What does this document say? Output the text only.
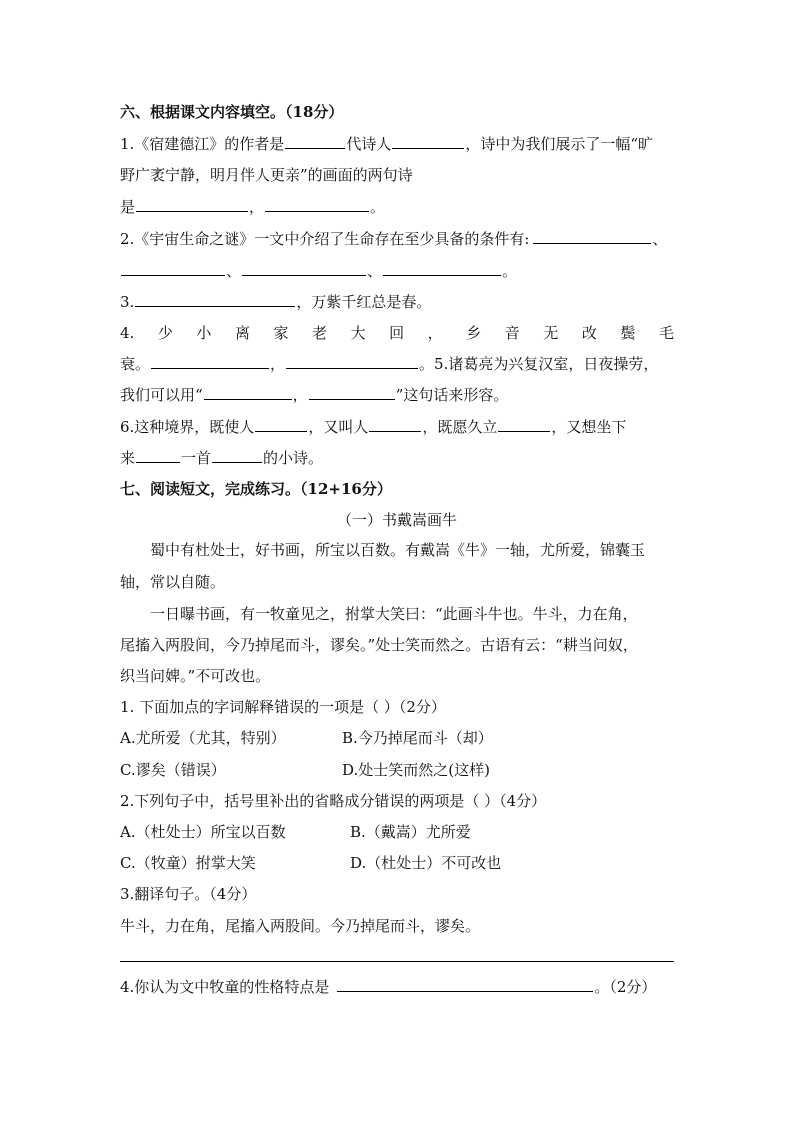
六、根据课文内容填空。（18分）
1.《宿建德江》的作者是	代诗人	，诗中为我们展示了一幅“旷
野广袤宁静，明月伴人更亲”的画面的两句诗
是	，	。
2.《宇宙生命之谜》一文中介绍了生命存在至少具备的条件有:	、
、	、	。
3.	，万紫千红总是春。
4. 少 小 离 家 老 大 回 ， 乡 音 无 改 鬓 毛
衰。	，	。5.诸葛亮为兴复汉室，日夜操劳，
我们可以用“	，	”这句话来形容。
6.这种境界，既使人	，又叫人	，既愿久立	，又想坐下
来	一首	的小诗。
七、阅读短文，完成练习。（12+16分）
（一）书戴嵩画牛
蜀中有杜处士，好书画，所宝以百数。有戴嵩《牛》一轴，尤所爱，锦囊玉
轴，常以自随。
一日曝书画，有一牧童见之，拊掌大笑曰：“此画斗牛也。牛斗，力在角，
尾搐入两股间，今乃掉尾而斗，谬矣。”处士笑而然之。古语有云：“耕当问奴，
织当问婢。”不可改也。
1. 下面加点的字词解释错误的一项是（ ）（2分）
A.尤所爱（尤其，特别）	B.今乃掉尾而斗（却）
C.谬矣（错误）	D.处士笑而然之(这样)
2.下列句子中，括号里补出的省略成分错误的两项是（ ）（4分）
A.（杜处士）所宝以百数	B.（戴嵩）尤所爱
C.（牧童）拊掌大笑	D.（杜处士）不可改也
3.翻译句子。（4分）
牛斗，力在角，尾搐入两股间。今乃掉尾而斗，谬矣。
4.你认为文中牧童的性格特点是	。（2分）
